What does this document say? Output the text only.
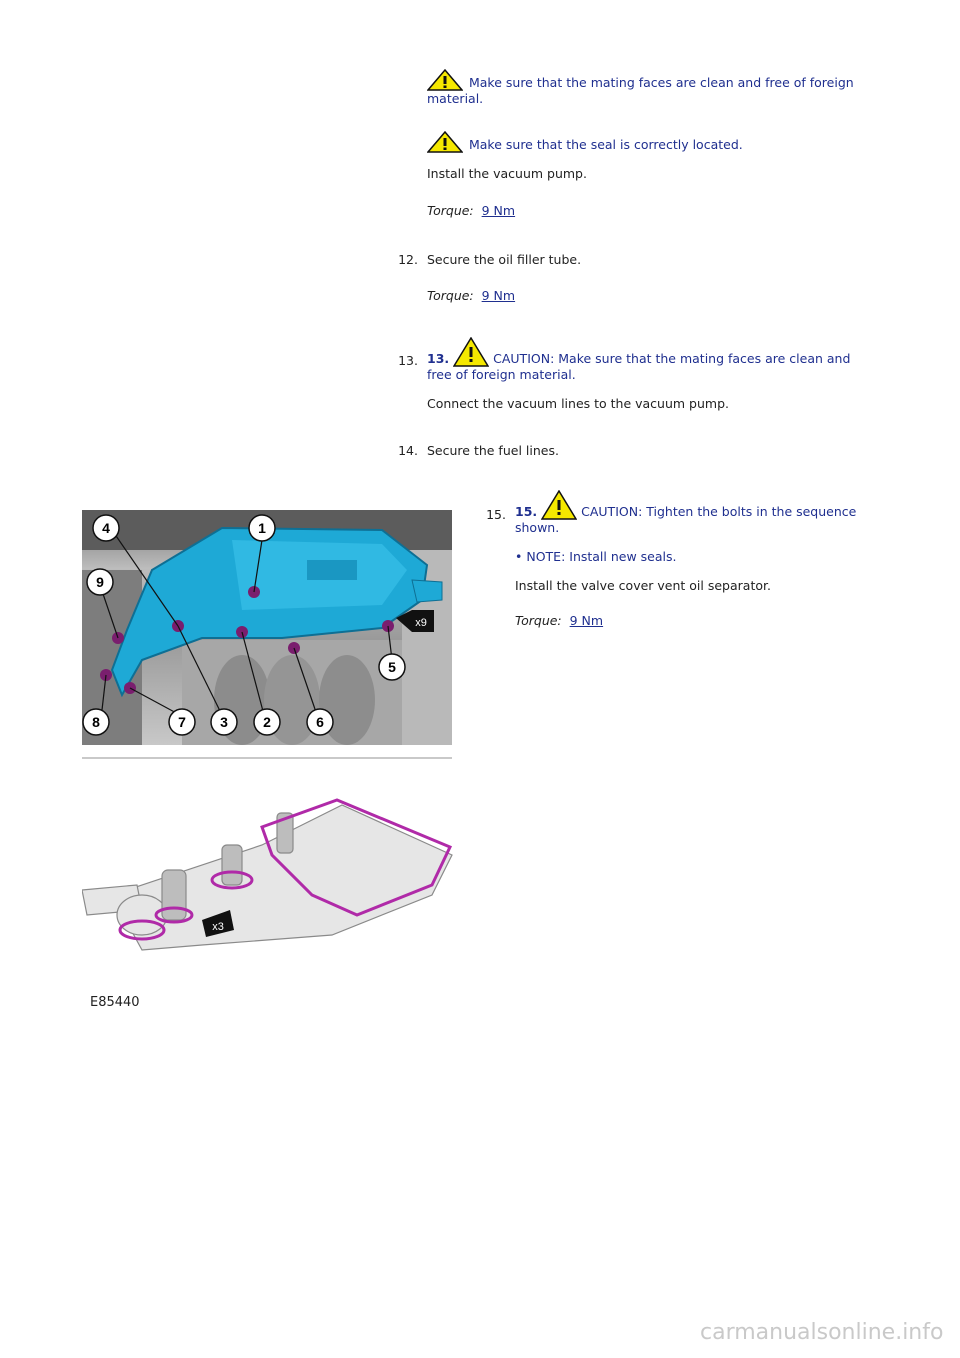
Make sure that the mating faces are clean and free of foreign material.
Make sure that the seal is correctly located.
Install the vacuum pump.
Torque: 9 Nm
12. Secure the oil filler tube.
Torque: 9 Nm
13. 13.	CAUTION: Make sure that the mating faces are clean and free of foreign material.
Connect the vacuum lines to the vacuum pump.
14. Secure the fuel lines.
15. 15.	CAUTION: Tighten the bolts in the sequence shown.
• NOTE: Install new seals.
Install the valve cover vent oil separator.
Torque: 9 Nm
1
2
3
4
5
6
7
8
9
x9
x3
E85440
carmanualsonline.info
